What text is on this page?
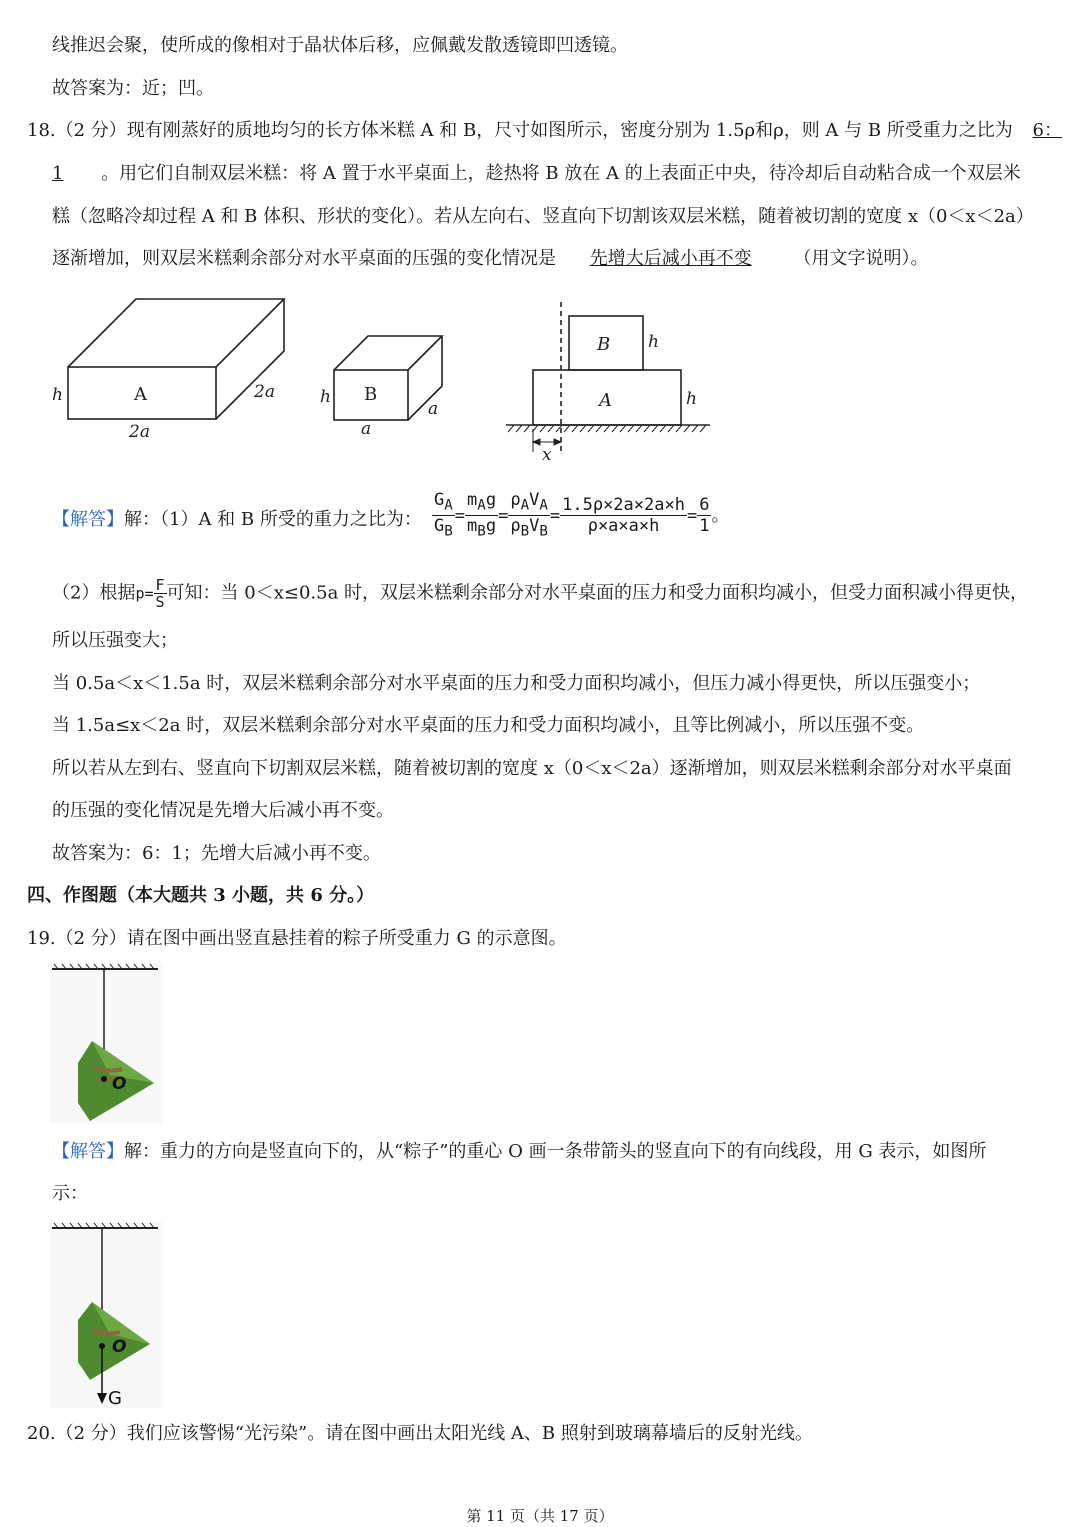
线推迟会聚，使所成的像相对于晶状体后移，应佩戴发散透镜即凹透镜。
故答案为：近；凹。
18.（2 分）现有刚蒸好的质地均匀的长方体米糕 A 和 B，尺寸如图所示，密度分别为 1.5ρ和ρ，则 A 与 B 所受重力之比为 6：
1 。用它们自制双层米糕：将 A 置于水平桌面上，趁热将 B 放在 A 的上表面正中央，待冷却后自动粘合成一个双层米
糕（忽略冷却过程 A 和 B 体积、形状的变化）。若从左向右、竖直向下切割该双层米糕，随着被切割的宽度 x（0＜x＜2a）
逐渐增加，则双层米糕剩余部分对水平桌面的压强的变化情况是 先增大后减小再不变 （用文字说明）。
h	A
2a
2a	h B
a
a
B h
A	h
x
【解答】解：（1）A 和 B 所受的重力之比为： $\frac{G_A}{G_B} = \frac{m_Ag}{m_Bg} = \frac{\rho_AV_A}{\rho_BV_B} = \frac{1.5\rho\times 2a\times 2a\times h}{\rho\times a\times a\times h} = \frac{6}{1}$ 。
（2）根据$p= \frac{F}{S}$ 可知：当 0＜x≤0.5a 时，双层米糕剩余部分对水平桌面的压力和受力面积均减小，但受力面积减小得更快，
所以压强变大；
当 0.5a＜x＜1.5a 时，双层米糕剩余部分对水平桌面的压力和受力面积均减小，但压力减小得更快，所以压强变小；
当 1.5a≤x＜2a 时，双层米糕剩余部分对水平桌面的压力和受力面积均减小，且等比例减小，所以压强不变。
所以若从左到右、竖直向下切割双层米糕，随着被切割的宽度 x（0＜x＜2a）逐渐增加，则双层米糕剩余部分对水平桌面
的压强的变化情况是先增大后减小再不变。
故答案为：6：1；先增大后减小再不变。
四、作图题（本大题共 3 小题，共 6 分。）
19.（2 分）请在图中画出竖直悬挂着的粽子所受重力 G 的示意图。
O
【解答】解：重力的方向是竖直向下的，从“粽子”的重心 O 画一条带箭头的竖直向下的有向线段，用 G 表示，如图所
示：
O
G
20.（2 分）我们应该警惕“光污染”。请在图中画出太阳光线 A、B 照射到玻璃幕墙后的反射光线。
第 11 页（共 17 页）
